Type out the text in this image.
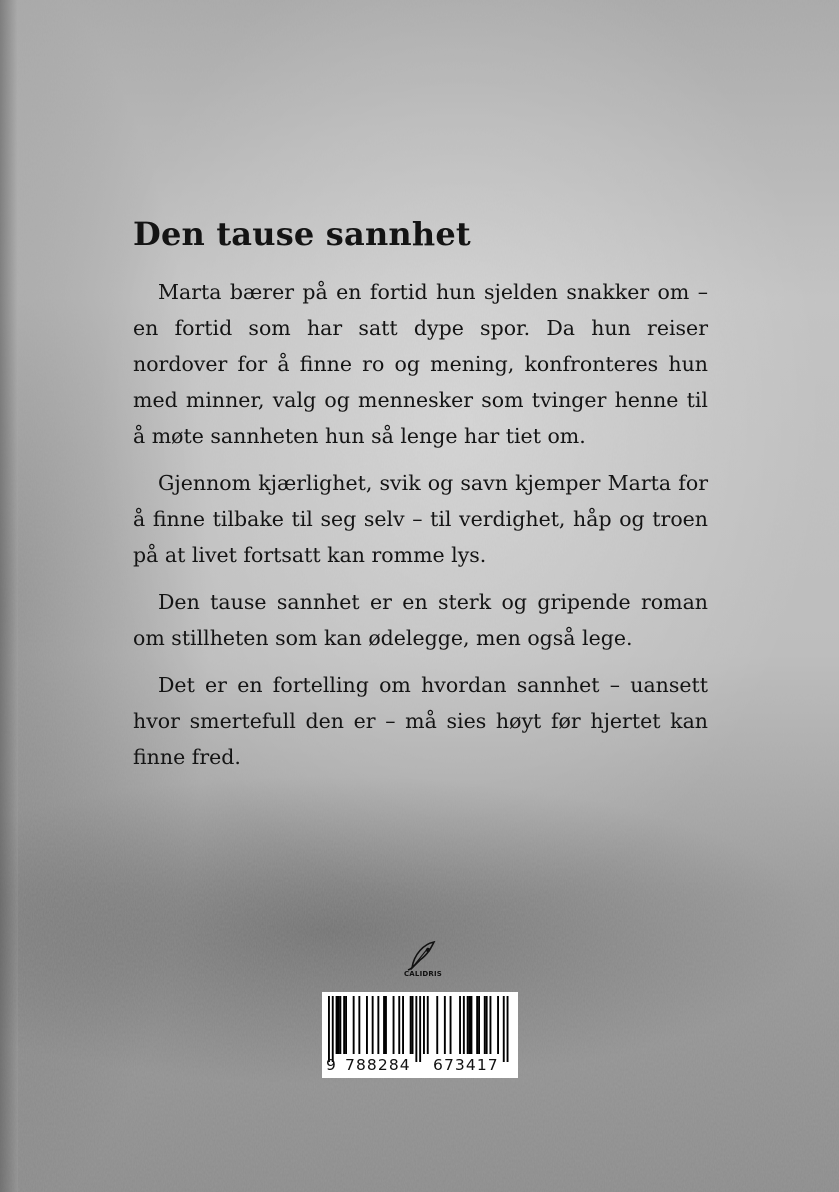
Den tause sannhet

Marta bærer på en fortid hun sjelden snakker om – en fortid som har satt dype spor. Da hun reiser nordover for å finne ro og mening, konfronteres hun med minner, valg og mennesker som tvinger henne til å møte sannheten hun så lenge har tiet om.

Gjennom kjærlighet, svik og savn kjemper Marta for å finne tilbake til seg selv – til verdighet, håp og troen på at livet fortsatt kan romme lys.

Den tause sannhet er en sterk og gripende roman om stillheten som kan ødelegge, men også lege.

Det er en fortelling om hvordan sannhet – uansett hvor smertefull den er – må sies høyt før hjertet kan finne fred.

CALIDRIS
9 788284 673417
